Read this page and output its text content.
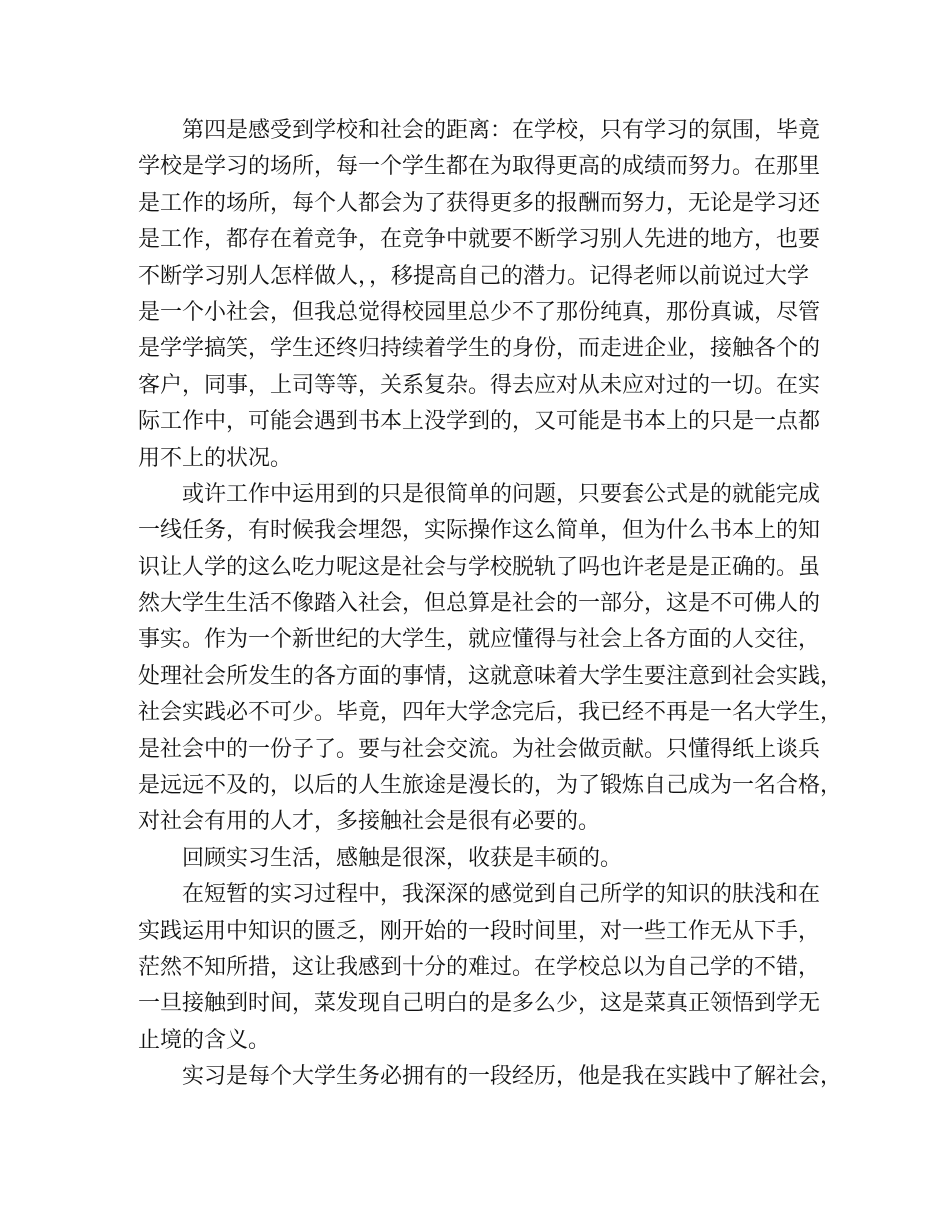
第四是感受到学校和社会的距离：在学校，只有学习的氛围，毕竟
学校是学习的场所，每一个学生都在为取得更高的成绩而努力。在那里
是工作的场所，每个人都会为了获得更多的报酬而努力，无论是学习还
是工作，都存在着竞争，在竞争中就要不断学习别人先进的地方，也要
不断学习别人怎样做人，，移提高自己的潜力。记得老师以前说过大学
是一个小社会，但我总觉得校园里总少不了那份纯真，那份真诚，尽管
是学学搞笑，学生还终归持续着学生的身份，而走进企业，接触各个的
客户，同事，上司等等，关系复杂。得去应对从未应对过的一切。在实
际工作中，可能会遇到书本上没学到的，又可能是书本上的只是一点都
用不上的状况。
或许工作中运用到的只是很简单的问题，只要套公式是的就能完成
一线任务，有时候我会埋怨，实际操作这么简单，但为什么书本上的知
识让人学的这么吃力呢这是社会与学校脱轨了吗也许老是是正确的。虽
然大学生生活不像踏入社会，但总算是社会的一部分，这是不可佛人的
事实。作为一个新世纪的大学生，就应懂得与社会上各方面的人交往，
处理社会所发生的各方面的事情，这就意味着大学生要注意到社会实践，
社会实践必不可少。毕竟，四年大学念完后，我已经不再是一名大学生，
是社会中的一份子了。要与社会交流。为社会做贡献。只懂得纸上谈兵
是远远不及的，以后的人生旅途是漫长的，为了锻炼自己成为一名合格，
对社会有用的人才，多接触社会是很有必要的。
回顾实习生活，感触是很深，收获是丰硕的。
在短暂的实习过程中，我深深的感觉到自己所学的知识的肤浅和在
实践运用中知识的匮乏，刚开始的一段时间里，对一些工作无从下手，
茫然不知所措，这让我感到十分的难过。在学校总以为自己学的不错，
一旦接触到时间，菜发现自己明白的是多么少，这是菜真正领悟到学无
止境的含义。
实习是每个大学生务必拥有的一段经历，他是我在实践中了解社会，
